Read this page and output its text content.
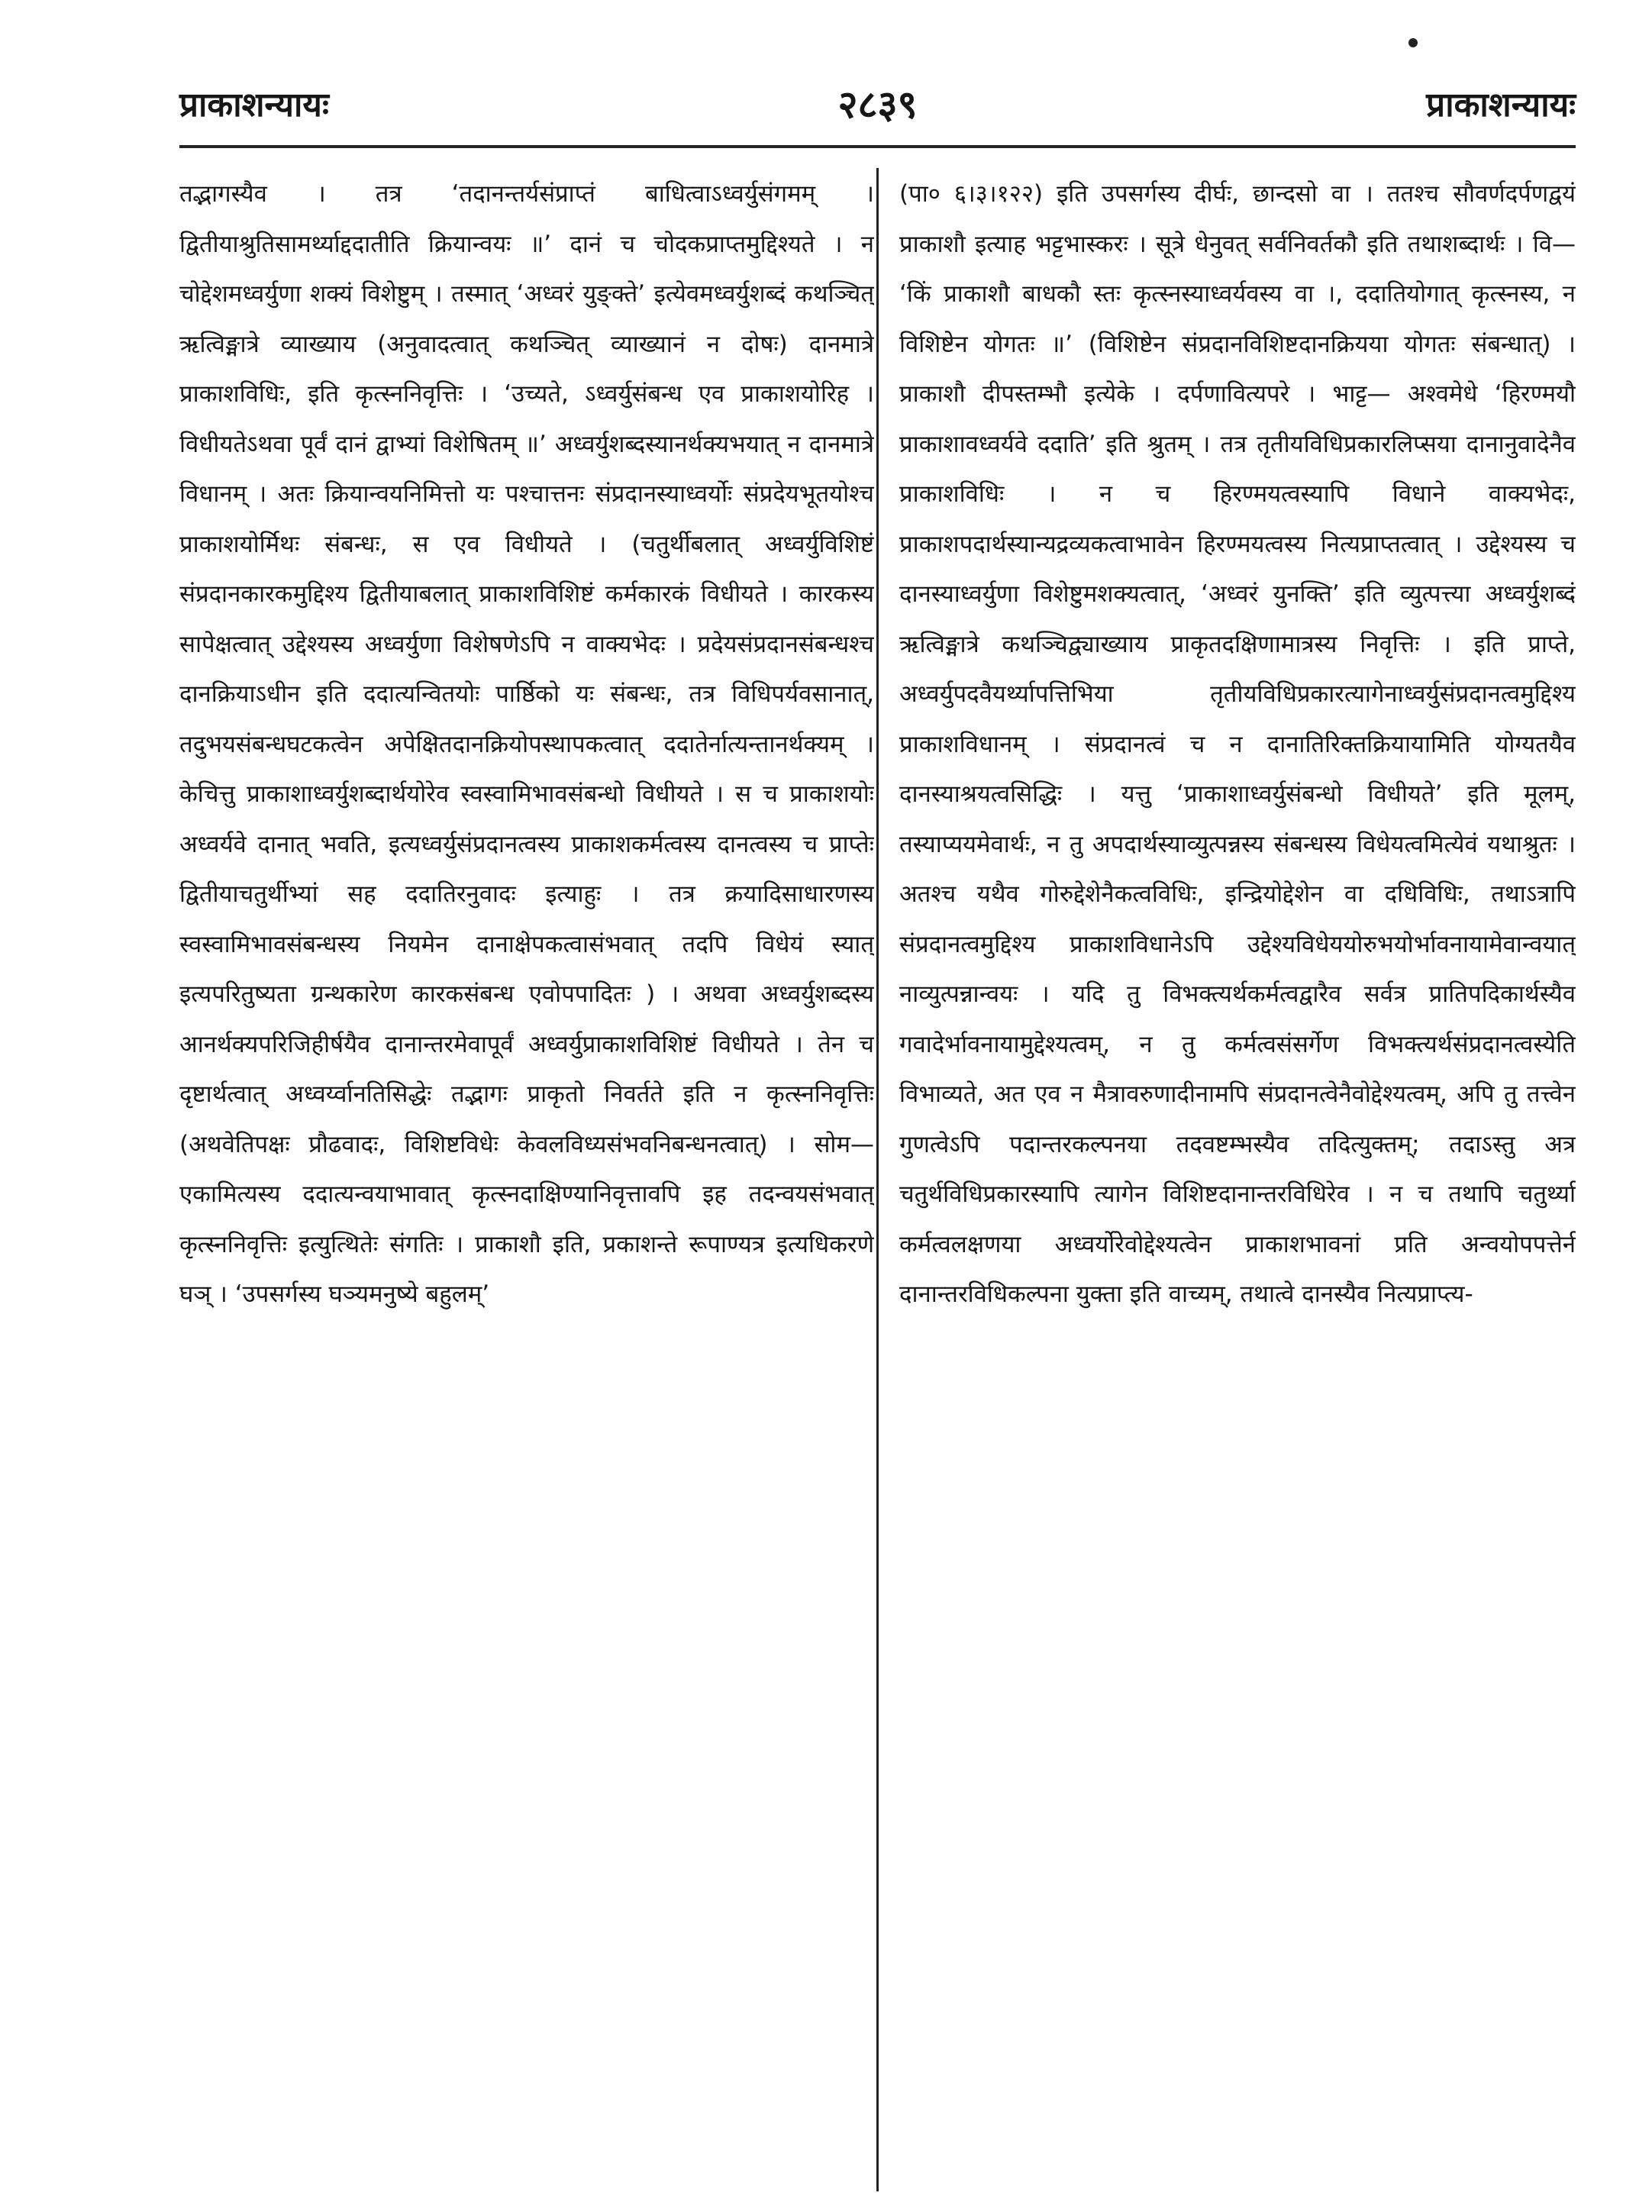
प्राकाशन्यायः	२८३९	प्राकाशन्यायः

तद्भागस्यैव । तत्र ‘तदानन्तर्यसंप्राप्तं बाधित्वाऽध्वर्युसंगमम् । द्वितीयाश्रुतिसामर्थ्याद्ददातीति क्रियान्वयः ॥’ दानं च चोदकप्राप्तमुद्दिश्यते । न चोद्देशमध्वर्युणा शक्यं विशेष्टुम् । तस्मात् ‘अध्वरं युङ्क्ते’ इत्येवमध्वर्युशब्दं कथञ्चित् ऋत्विङ्मात्रे व्याख्याय (अनुवादत्वात् कथञ्चित् व्याख्यानं न दोषः) दानमात्रे प्राकाशविधिः, इति कृत्स्ननिवृत्तिः । ‘उच्यते, ऽध्वर्युसंबन्ध एव प्राकाशयोरिह । विधीयतेऽथवा पूर्वं दानं द्वाभ्यां विशेषितम् ॥’ अध्वर्युशब्दस्यानर्थक्यभयात् न दानमात्रे विधानम् । अतः क्रियान्वयनिमित्तो यः पश्चात्तनः संप्रदानस्याध्वर्योः संप्रदेयभूतयोश्च प्राकाशयोर्मिथः संबन्धः, स एव विधीयते । (चतुर्थीबलात् अध्वर्युविशिष्टं संप्रदानकारकमुद्दिश्य द्वितीयाबलात् प्राकाशविशिष्टं कर्मकारकं विधीयते । कारकस्य सापेक्षत्वात् उद्देश्यस्य अध्वर्युणा विशेषणेऽपि न वाक्यभेदः । प्रदेयसंप्रदानसंबन्धश्च दानक्रियाऽधीन इति ददात्यन्वितयोः पार्ष्ठिको यः संबन्धः, तत्र विधिपर्यवसानात्, तदुभयसंबन्धघटकत्वेन अपेक्षितदानक्रियोपस्थापकत्वात् ददातेर्नात्यन्तानर्थक्यम् । केचित्तु प्राकाशाध्वर्युशब्दार्थयोरेव स्वस्वामिभावसंबन्धो विधीयते । स च प्राकाशयोः अध्वर्यवे दानात् भवति, इत्यध्वर्युसंप्रदानत्वस्य प्राकाशकर्मत्वस्य दानत्वस्य च प्राप्तेः द्वितीयाचतुर्थीभ्यां सह ददातिरनुवादः इत्याहुः । तत्र क्रयादिसाधारणस्य स्वस्वामिभावसंबन्धस्य नियमेन दानाक्षेपकत्वासंभवात् तदपि विधेयं स्यात् इत्यपरितुष्यता ग्रन्थकारेण कारकसंबन्ध एवोपपादितः ) । अथवा अध्वर्युशब्दस्य आनर्थक्यपरिजिहीर्षयैव दानान्तरमेवापूर्वं अध्वर्युप्राकाशविशिष्टं विधीयते । तेन च दृष्टार्थत्वात् अध्वर्य्वानतिसिद्धेः तद्भागः प्राकृतो निवर्तते इति न कृत्स्ननिवृत्तिः (अथवेतिपक्षः प्रौढवादः, विशिष्टविधेः केवलविध्यसंभवनिबन्धनत्वात्) । सोम— एकामित्यस्य ददात्यन्वयाभावात् कृत्स्नदाक्षिण्यानिवृत्तावपि इह तदन्वयसंभवात् कृत्स्ननिवृत्तिः इत्युत्थितेः संगतिः । प्राकाशौ इति, प्रकाशन्ते रूपाण्यत्र इत्यधिकरणे घञ् । ‘उपसर्गस्य घञ्यमनुष्ये बहुलम्’

(पा० ६।३।१२२) इति उपसर्गस्य दीर्घः, छान्दसो वा । ततश्च सौवर्णदर्पणद्वयं प्राकाशौ इत्याह भट्टभास्करः । सूत्रे धेनुवत् सर्वनिवर्तकौ इति तथाशब्दार्थः । वि— ‘किं प्राकाशौ बाधकौ स्तः कृत्स्नस्याध्वर्यवस्य वा ।, ददातियोगात् कृत्स्नस्य, न विशिष्टेन योगतः ॥’ (विशिष्टेन संप्रदानविशिष्टदानक्रियया योगतः संबन्धात्) । प्राकाशौ दीपस्तम्भौ इत्येके । दर्पणावित्यपरे । भाट्ट— अश्वमेधे ‘हिरण्मयौ प्राकाशावध्वर्यवे ददाति’ इति श्रुतम् । तत्र तृतीयविधिप्रकारलिप्सया दानानुवादेनैव प्राकाशविधिः । न च हिरण्मयत्वस्यापि विधाने वाक्यभेदः, प्राकाशपदार्थस्यान्यद्रव्यकत्वाभावेन हिरण्मयत्वस्य नित्यप्राप्तत्वात् । उद्देश्यस्य च दानस्याध्वर्युणा विशेष्टुमशक्यत्वात्, ‘अध्वरं युनक्ति’ इति व्युत्पत्त्या अध्वर्युशब्दं ऋत्विङ्मात्रे कथञ्चिद्व्याख्याय प्राकृतदक्षिणामात्रस्य निवृत्तिः । इति प्राप्ते, अध्वर्युपदवैयर्थ्यापत्तिभिया तृतीयविधिप्रकारत्यागेनाध्वर्युसंप्रदानत्वमुद्दिश्य प्राकाशविधानम् । संप्रदानत्वं च न दानातिरिक्तक्रियायामिति योग्यतयैव दानस्याश्रयत्वसिद्धिः । यत्तु ‘प्राकाशाध्वर्युसंबन्धो विधीयते’ इति मूलम्, तस्याप्ययमेवार्थः, न तु अपदार्थस्याव्युत्पन्नस्य संबन्धस्य विधेयत्वमित्येवं यथाश्रुतः । अतश्च यथैव गोरुद्देशेनैकत्वविधिः, इन्द्रियोद्देशेन वा दधिविधिः, तथाऽत्रापि संप्रदानत्वमुद्दिश्य प्राकाशविधानेऽपि उद्देश्यविधेययोरुभयोर्भावनायामेवान्वयात् नाव्युत्पन्नान्वयः । यदि तु विभक्त्यर्थकर्मत्वद्वारैव सर्वत्र प्रातिपदिकार्थस्यैव गवादेर्भावनायामुद्देश्यत्वम्, न तु कर्मत्वसंसर्गेण विभक्त्यर्थसंप्रदानत्वस्येति विभाव्यते, अत एव न मैत्रावरुणादीनामपि संप्रदानत्वेनैवोद्देश्यत्वम्, अपि तु तत्त्वेन गुणत्वेऽपि पदान्तरकल्पनया तदवष्टम्भस्यैव तदित्युक्तम्; तदाऽस्तु अत्र चतुर्थविधिप्रकारस्यापि त्यागेन विशिष्टदानान्तरविधिरेव । न च तथापि चतुर्थ्या कर्मत्वलक्षणया अध्वर्योरेवोद्देश्यत्वेन प्राकाशभावनां प्रति अन्वयोपपत्तेर्न दानान्तरविधिकल्पना युक्ता इति वाच्यम्, तथात्वे दानस्यैव नित्यप्राप्त्य-
